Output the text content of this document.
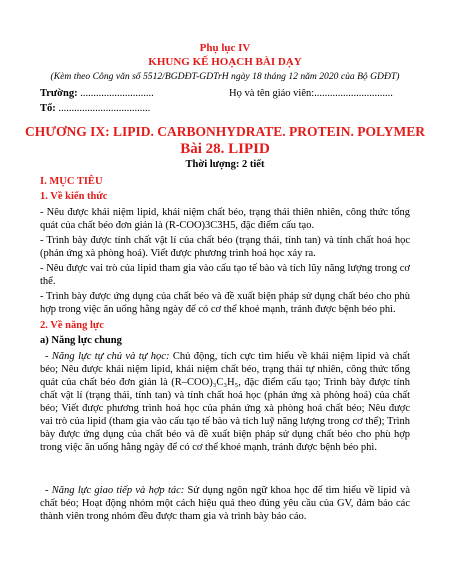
Phụ lục IV
KHUNG KẾ HOẠCH BÀI DẠY
(Kèm theo Công văn số 5512/BGDĐT-GDTrH ngày 18 tháng 12 năm 2020 của Bộ GDĐT)
Trường: ............................	Họ và tên giáo viên:..............................
Tổ: ...................................
CHƯƠNG IX: LIPID. CARBONHYDRATE. PROTEIN. POLYMER
Bài 28. LIPID
Thời lượng: 2 tiết
I. MỤC TIÊU
1. Về kiến thức
- Nêu được khái niệm lipid, khái niệm chất béo, trạng thái thiên nhiên, công thức tổng quát của chất béo đơn giản là (R-COO)3C3H5, đặc điểm cấu tạo.
- Trình bày được tính chất vật lí của chất béo (trạng thái, tính tan) và tính chất hoá học (phản ứng xà phòng hoá). Viết được phương trình hoá học xảy ra.
- Nêu được vai trò của lipid tham gia vào cấu tạo tế bào và tích lũy năng lượng trong cơ thể.
- Trình bày được ứng dụng của chất béo và đề xuất biện pháp sử dụng chất béo cho phù hợp trong việc ăn uống hằng ngày để có cơ thể khoẻ mạnh, tránh được bệnh béo phì.
2. Về năng lực
a) Năng lực chung
- Năng lực tự chủ và tự học: Chủ động, tích cực tìm hiểu về khái niệm lipid và chất béo; Nêu được khái niệm lipid, khái niệm chất béo, trạng thái tự nhiên, công thức tổng quát của chất béo đơn giản là (R–COO)₃C₃H₅, đặc điểm cấu tạo; Trình bày được tính chất vật lí (trạng thái, tính tan) và tính chất hoá học (phản ứng xà phòng hoá) của chất béo; Viết được phương trình hoá học của phản ứng xà phòng hoá chất béo; Nêu được vai trò của lipid (tham gia vào cấu tạo tế bào và tích luỹ năng lượng trong cơ thể); Trình bày được ứng dụng của chất béo và đề xuất biện pháp sử dụng chất béo cho phù hợp trong việc ăn uống hằng ngày để có cơ thể khoẻ mạnh, tránh được bệnh béo phì.
- Năng lực giao tiếp và hợp tác: Sử dụng ngôn ngữ khoa học để tìm hiểu về lipid và chất béo; Hoạt động nhóm một cách hiệu quả theo đúng yêu cầu của GV, đảm bảo các thành viên trong nhóm đều được tham gia và trình bày báo cáo.
